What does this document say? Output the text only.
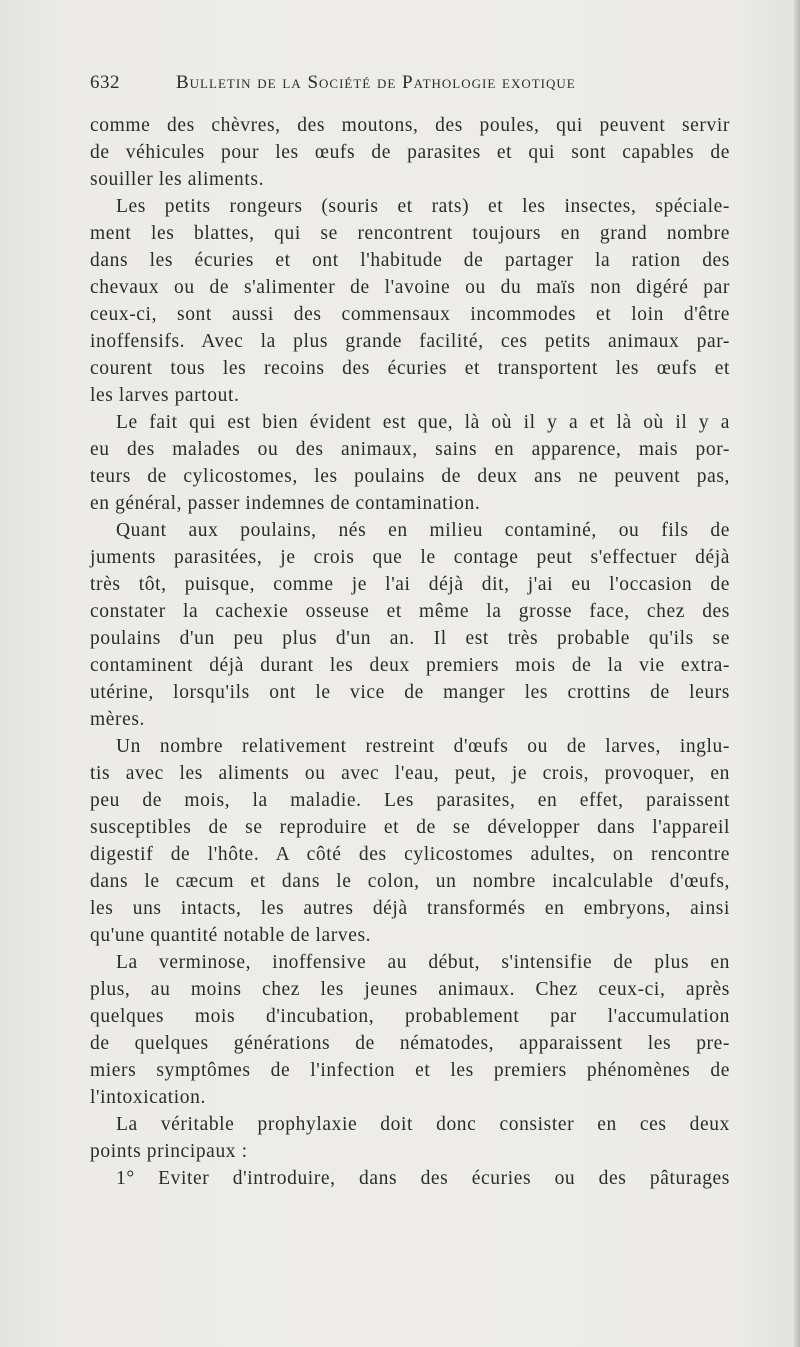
632	Bulletin de la Société de Pathologie exotique
comme des chèvres, des moutons, des poules, qui peuvent servir
de véhicules pour les œufs de parasites et qui sont capables de
souiller les aliments.
Les petits rongeurs (souris et rats) et les insectes, spéciale-
ment les blattes, qui se rencontrent toujours en grand nombre
dans les écuries et ont l'habitude de partager la ration des
chevaux ou de s'alimenter de l'avoine ou du maïs non digéré par
ceux-ci, sont aussi des commensaux incommodes et loin d'être
inoffensifs. Avec la plus grande facilité, ces petits animaux par-
courent tous les recoins des écuries et transportent les œufs et
les larves partout.
Le fait qui est bien évident est que, là où il y a et là où il y a
eu des malades ou des animaux, sains en apparence, mais por-
teurs de cylicostomes, les poulains de deux ans ne peuvent pas,
en général, passer indemnes de contamination.
Quant aux poulains, nés en milieu contaminé, ou fils de
juments parasitées, je crois que le contage peut s'effectuer déjà
très tôt, puisque, comme je l'ai déjà dit, j'ai eu l'occasion de
constater la cachexie osseuse et même la grosse face, chez des
poulains d'un peu plus d'un an. Il est très probable qu'ils se
contaminent déjà durant les deux premiers mois de la vie extra-
utérine, lorsqu'ils ont le vice de manger les crottins de leurs
mères.
Un nombre relativement restreint d'œufs ou de larves, inglu-
tis avec les aliments ou avec l'eau, peut, je crois, provoquer, en
peu de mois, la maladie. Les parasites, en effet, paraissent
susceptibles de se reproduire et de se développer dans l'appareil
digestif de l'hôte. A côté des cylicostomes adultes, on rencontre
dans le cæcum et dans le colon, un nombre incalculable d'œufs,
les uns intacts, les autres déjà transformés en embryons, ainsi
qu'une quantité notable de larves.
La verminose, inoffensive au début, s'intensifie de plus en
plus, au moins chez les jeunes animaux. Chez ceux-ci, après
quelques mois d'incubation, probablement par l'accumulation
de quelques générations de nématodes, apparaissent les pre-
miers symptômes de l'infection et les premiers phénomènes de
l'intoxication.
La véritable prophylaxie doit donc consister en ces deux
points principaux :
1° Eviter d'introduire, dans des écuries ou des pâturages
